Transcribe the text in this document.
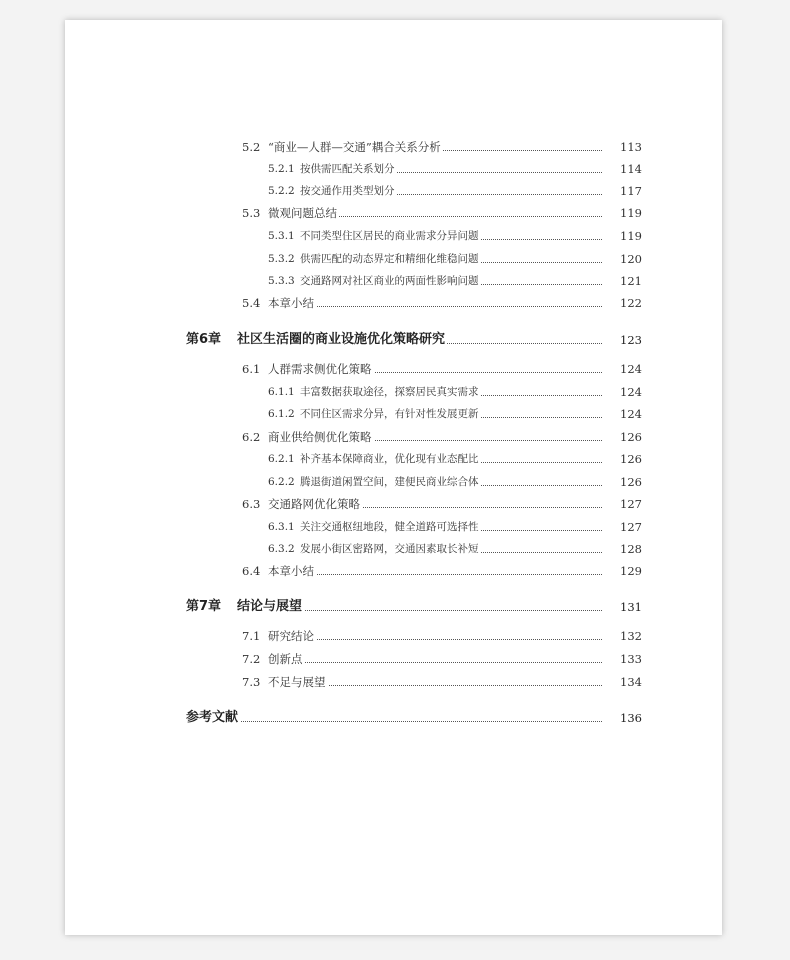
5.2 “商业—人群—交通”耦合关系分析	113
5.2.1 按供需匹配关系划分	114
5.2.2 按交通作用类型划分	117
5.3 微观问题总结	119
5.3.1 不同类型住区居民的商业需求分异问题	119
5.3.2 供需匹配的动态界定和精细化维稳问题	120
5.3.3 交通路网对社区商业的两面性影响问题	121
5.4 本章小结	122
第6章 社区生活圈的商业设施优化策略研究	123
6.1 人群需求侧优化策略	124
6.1.1 丰富数据获取途径，探察居民真实需求	124
6.1.2 不同住区需求分异，有针对性发展更新	124
6.2 商业供给侧优化策略	126
6.2.1 补齐基本保障商业，优化现有业态配比	126
6.2.2 腾退街道闲置空间，建便民商业综合体	126
6.3 交通路网优化策略	127
6.3.1 关注交通枢纽地段，健全道路可选择性	127
6.3.2 发展小街区密路网，交通因素取长补短	128
6.4 本章小结	129
第7章 结论与展望	131
7.1 研究结论	132
7.2 创新点	133
7.3 不足与展望	134
参考文献	136
